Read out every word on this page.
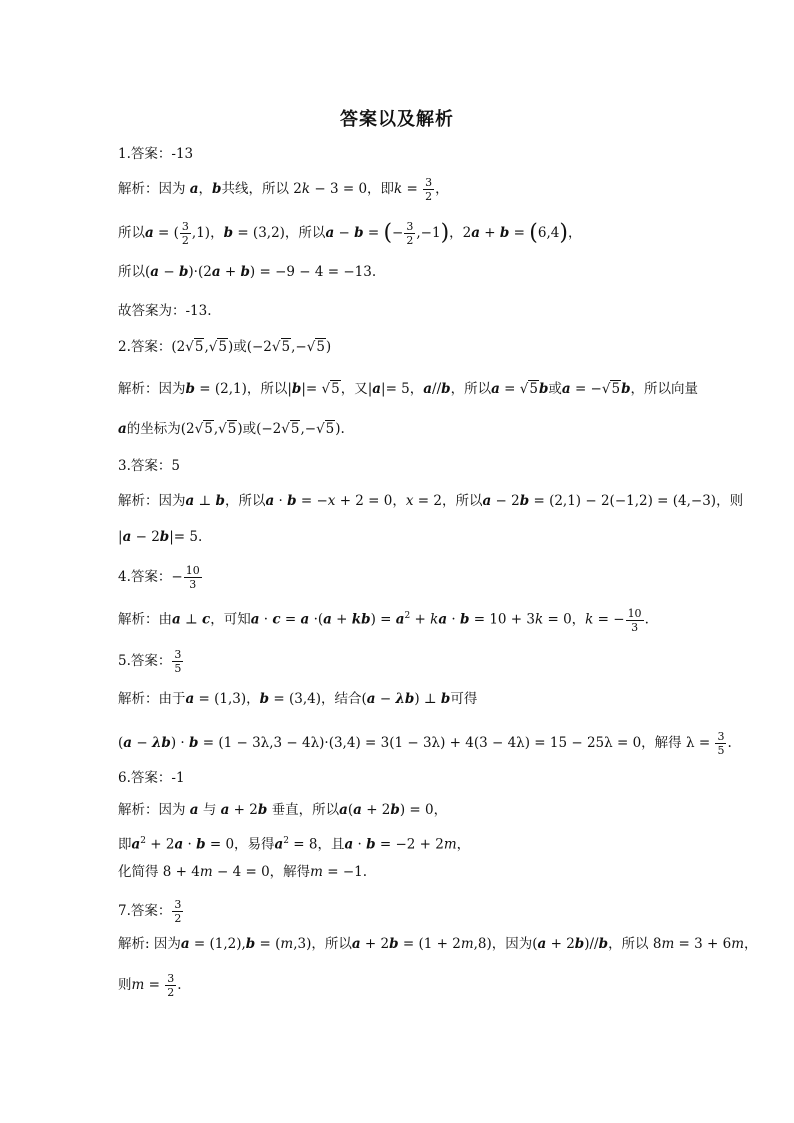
答案以及解析
1.答案：-13
解析：因为 a，b共线，所以 2k − 3 = 0，即$k = \frac{3}{2}$ ，
所以a = ( $\frac{3}{2} ,1$)，b = (3,2)，所以a − b = (− $\frac{3}{2} ,-1$)，2a + b = (6,4)，
所以(a − b)·(2a + b) = −9 − 4 = −13.
故答案为：-13.
2.答案：(2√5,√5)或(−2√5,−√5)
解析：因为b = (2,1)，所以|b|= √5，又|a|= 5，a//b，所以a = √5b或a = −√5b，所以向量
a的坐标为(2√5,√5)或(−2√5,−√5).
3.答案：5
解析：因为a ⊥ b，所以a · b = −x + 2 = 0，x = 2，所以a − 2b = (2,1) − 2(−1,2) = (4,−3)，则
|a − 2b|= 5.
4.答案：− $\frac{10}{3}$
解析：由a ⊥ c，可知$a \cdot c = a \cdot(a + kb) = a^2$ + ka · b = 10 + 3k = 0，k = − $\frac{10}{3}$ .
5.答案： $\frac{3}{5}$
解析：由于a = (1,3)，b = (3,4)，结合(a − λb) ⊥ b可得
(a − λb) · b = (1 − 3λ,3 − 4λ)·(3,4) = 3(1 − 3λ) + 4(3 − 4λ) = 15 − 25λ = 0，解得 $\lambda = \frac{3}{5}$ .
6.答案：-1
解析：因为 a 与 a + 2b 垂直，所以a(a + 2b) = 0，
即$a^2 + 2a \cdot b = 0$，易得$a^2 = 8$，且a · b = −2 + 2m，
化简得 8 + 4m − 4 = 0，解得m = −1.
7.答案： $\frac{3}{2}$
解析: 因为a = (1,2),b = (m,3)，所以a + 2b = (1 + 2m,8)，因为(a + 2b)//b，所以 8m = 3 + 6m，
则$m = \frac{3}{2}$ .
